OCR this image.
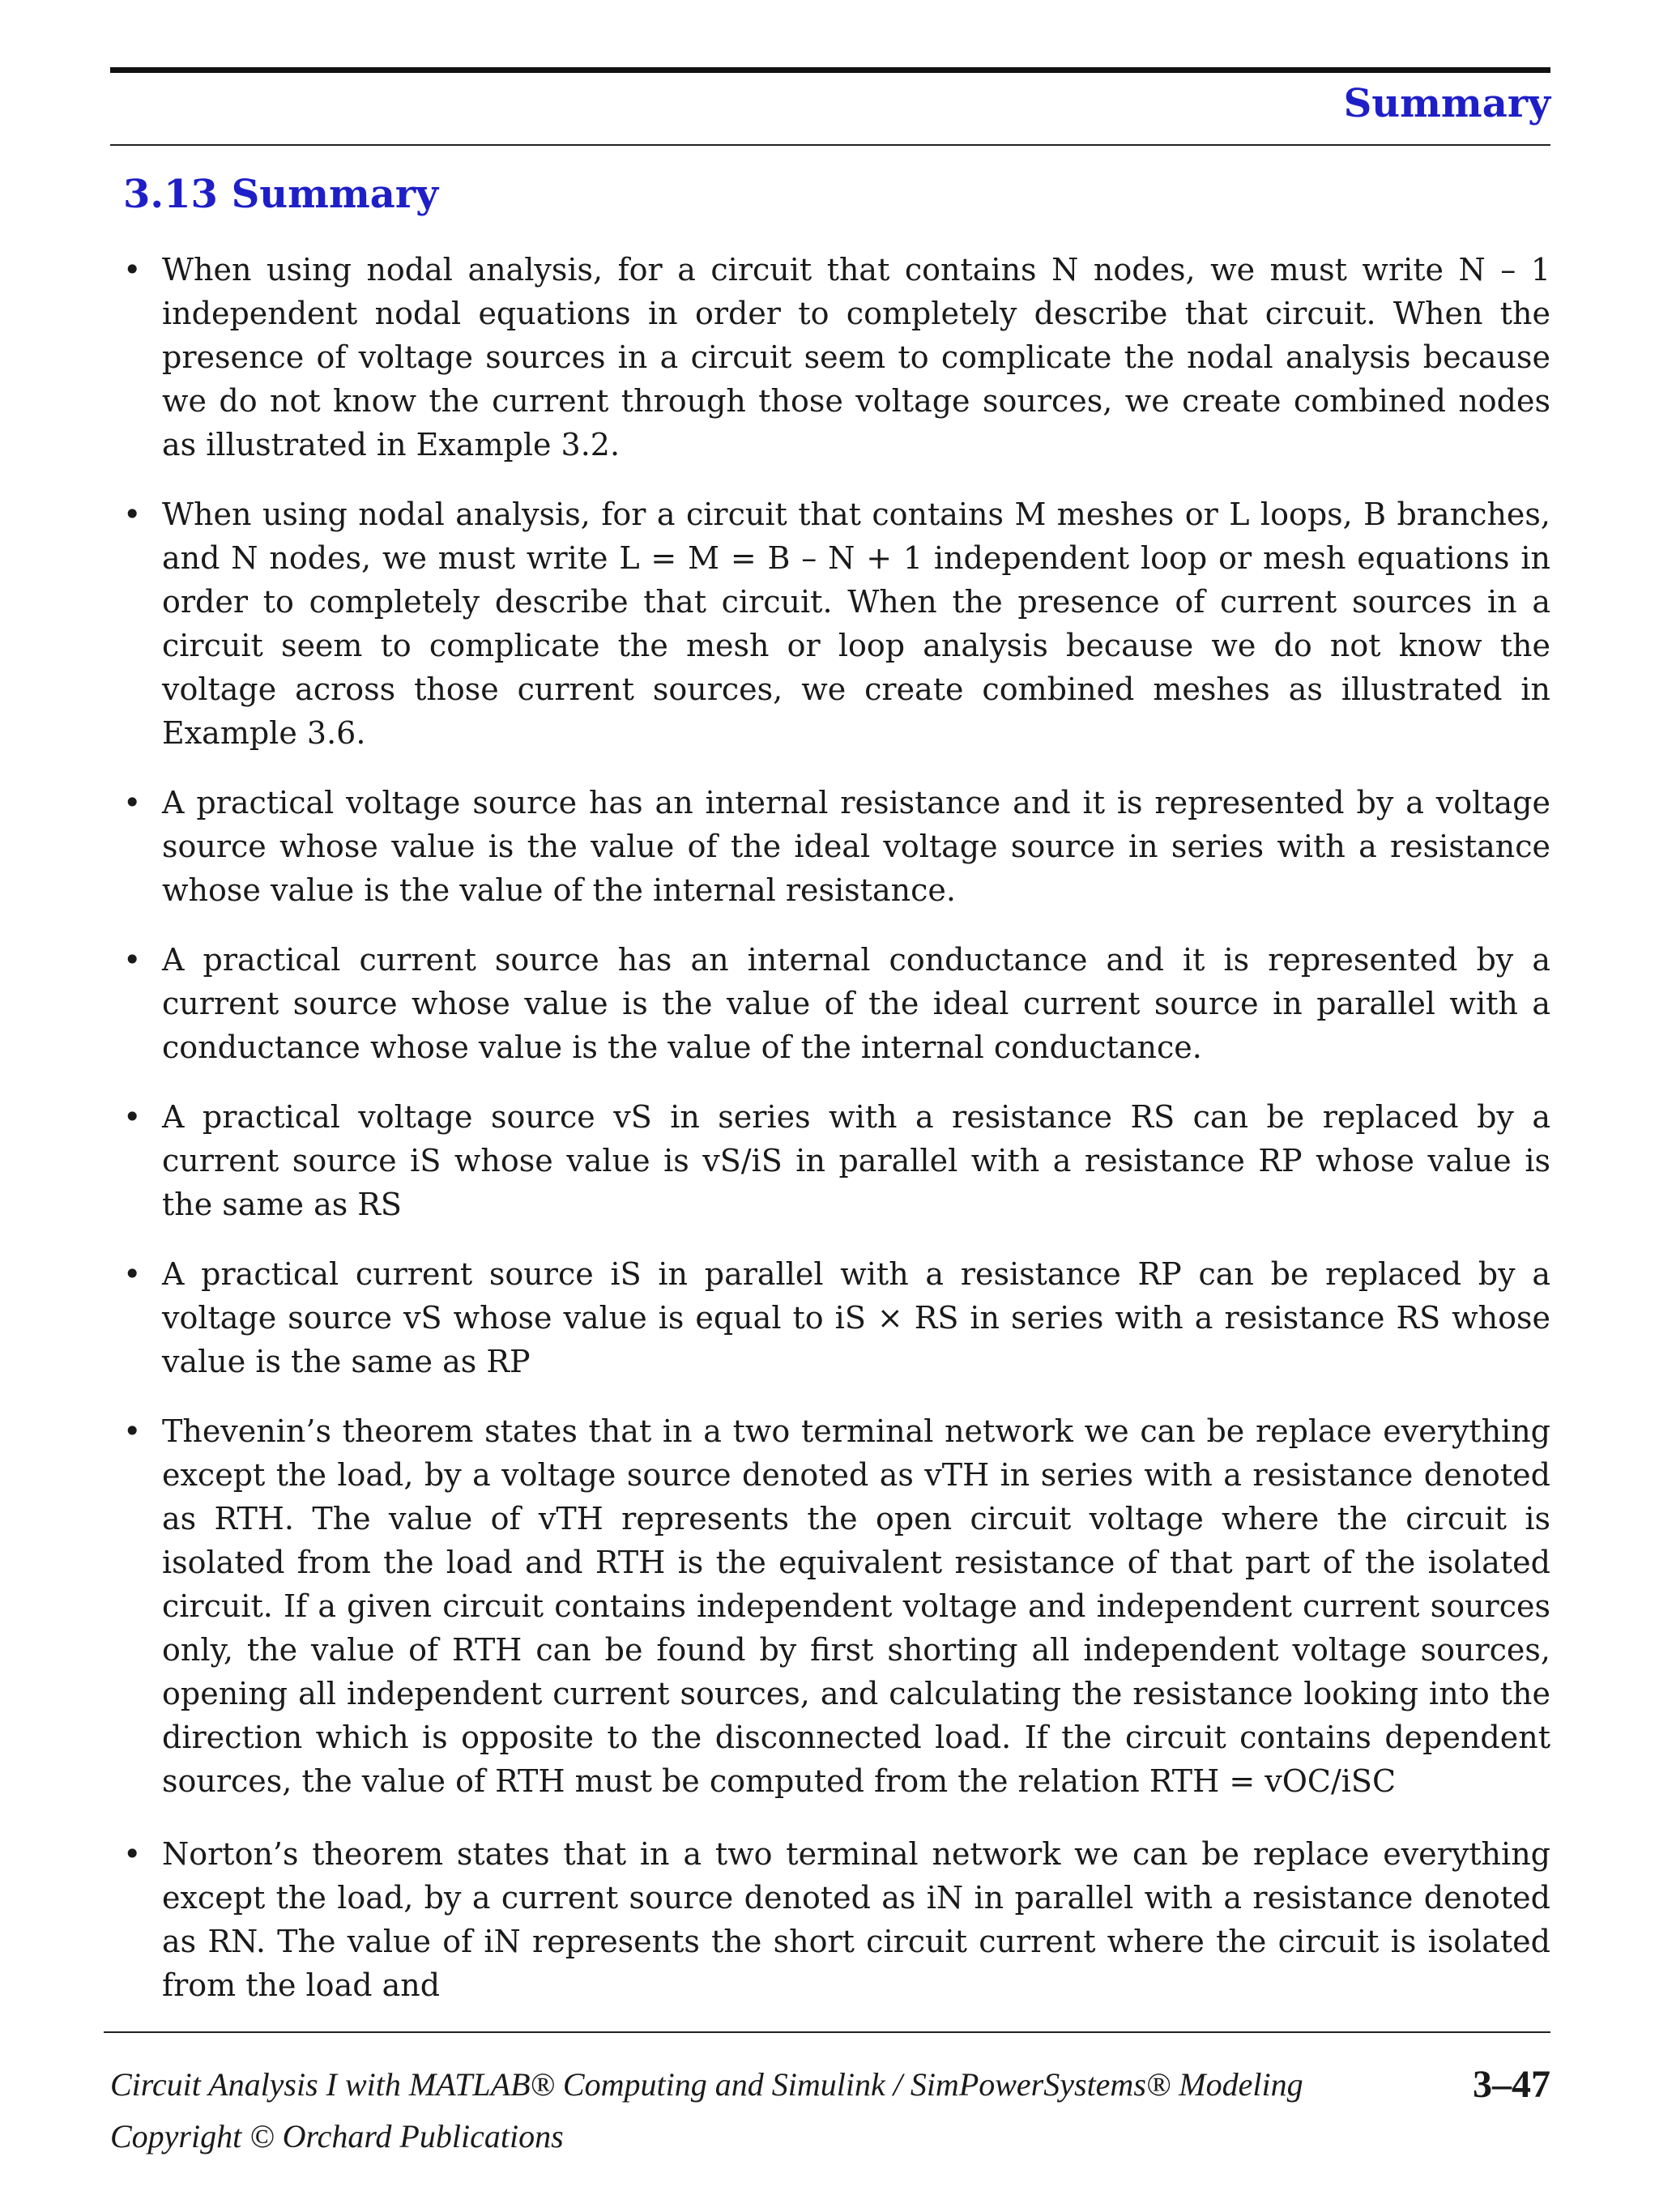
Summary
3.13 Summary
• When using nodal analysis, for a circuit that contains N nodes, we must write N – 1 independent nodal equations in order to completely describe that circuit. When the presence of voltage sources in a circuit seem to complicate the nodal analysis because we do not know the current through those voltage sources, we create combined nodes as illustrated in Example 3.2.
• When using nodal analysis, for a circuit that contains M meshes or L loops, B branches, and N nodes, we must write L = M = B – N + 1 independent loop or mesh equations in order to completely describe that circuit. When the presence of current sources in a circuit seem to complicate the mesh or loop analysis because we do not know the voltage across those current sources, we create combined meshes as illustrated in Example 3.6.
• A practical voltage source has an internal resistance and it is represented by a voltage source whose value is the value of the ideal voltage source in series with a resistance whose value is the value of the internal resistance.
• A practical current source has an internal conductance and it is represented by a current source whose value is the value of the ideal current source in parallel with a conductance whose value is the value of the internal conductance.
• A practical voltage source vS in series with a resistance RS can be replaced by a current source iS whose value is vS/iS in parallel with a resistance RP whose value is the same as RS
• A practical current source iS in parallel with a resistance RP can be replaced by a voltage source vS whose value is equal to iS × RS in series with a resistance RS whose value is the same as RP
• Thevenin’s theorem states that in a two terminal network we can be replace everything except the load, by a voltage source denoted as vTH in series with a resistance denoted as RTH. The value of vTH represents the open circuit voltage where the circuit is isolated from the load and RTH is the equivalent resistance of that part of the isolated circuit. If a given circuit contains independent voltage and independent current sources only, the value of RTH can be found by first shorting all independent voltage sources, opening all independent current sources, and calculating the resistance looking into the direction which is opposite to the disconnected load. If the circuit contains dependent sources, the value of RTH must be computed from the relation RTH = vOC/iSC
• Norton’s theorem states that in a two terminal network we can be replace everything except the load, by a current source denoted as iN in parallel with a resistance denoted as RN. The value of iN represents the short circuit current where the circuit is isolated from the load and
Circuit Analysis I with MATLAB® Computing and Simulink / SimPowerSystems® Modeling
Copyright © Orchard Publications
3–47
